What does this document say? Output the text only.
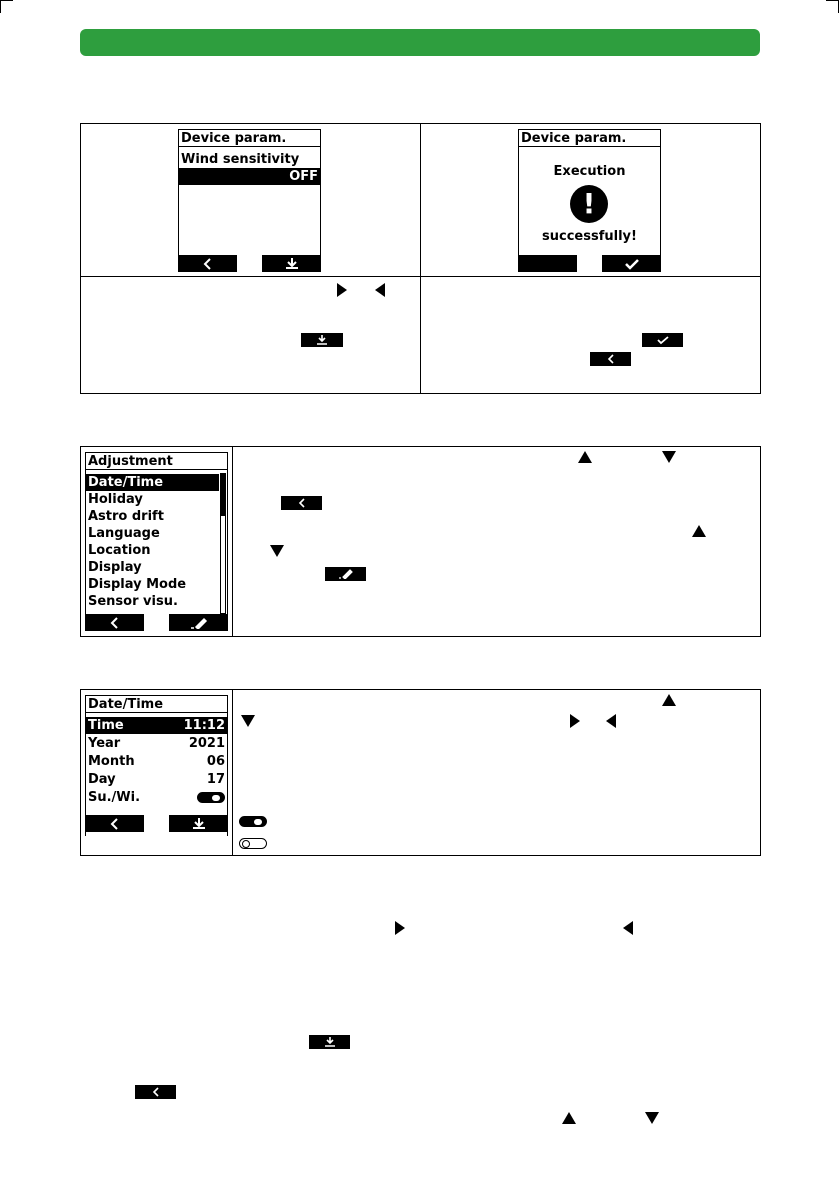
Device param.
Wind sensitivity
OFF
Device param.
Execution
!
successfully!
Adjustment
Date/Time
Holiday
Astro drift
Language
Location
Display
Display Mode
Sensor visu.
Date/Time
Time	11:12
Year	2021
Month	06
Day	17
Su./Wi.
